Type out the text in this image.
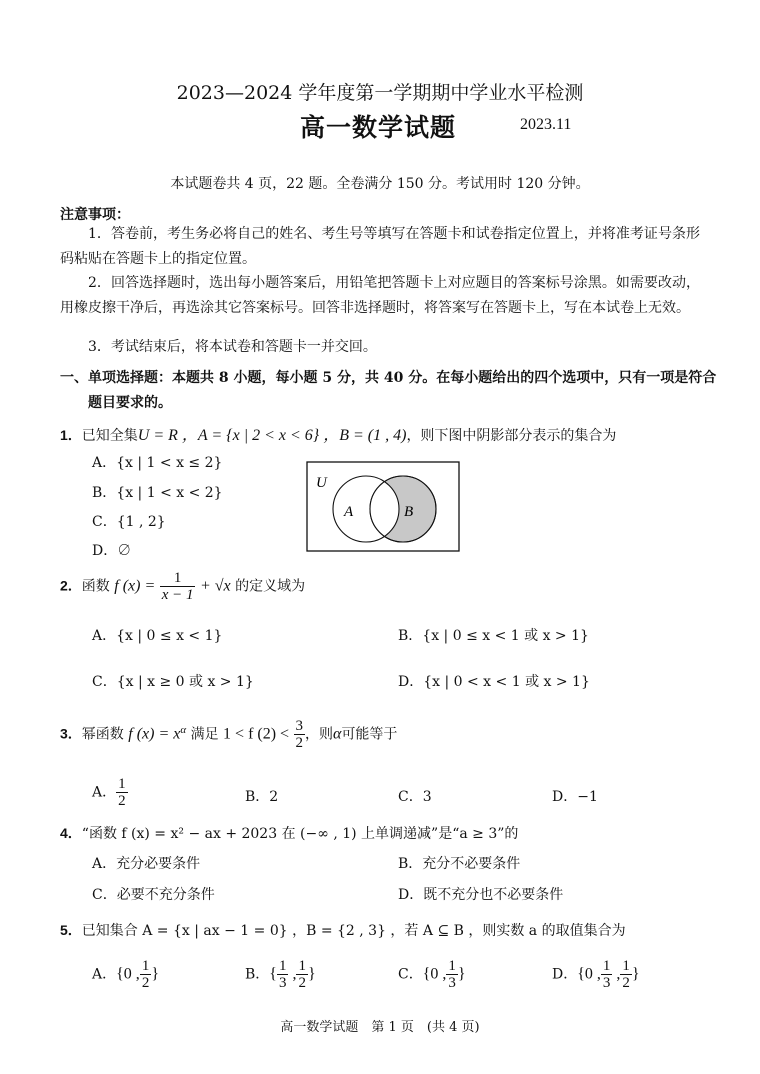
2023—2024 学年度第一学期期中学业水平检测
高一数学试题	2023.11
本试题卷共 4 页，22 题。全卷满分 150 分。考试用时 120 分钟。
注意事项：
1．答卷前，考生务必将自己的姓名、考生号等填写在答题卡和试卷指定位置上，并将准考证号条形码粘贴在答题卡上的指定位置。
2．回答选择题时，选出每小题答案后，用铅笔把答题卡上对应题目的答案标号涂黑。如需要改动，用橡皮擦干净后，再选涂其它答案标号。回答非选择题时，将答案写在答题卡上，写在本试卷上无效。
3．考试结束后，将本试卷和答题卡一并交回。
一、单项选择题：本题共 8 小题，每小题 5 分，共 40 分。在每小题给出的四个选项中，只有一项是符合题目要求的。
1．已知全集U = R ，A = {x | 2 < x < 6} ，B = (1 , 4)，则下图中阴影部分表示的集合为
A．{x | 1 < x ≤ 2}
B．{x | 1 < x < 2}
C．{1 , 2}
D．∅
U
A	B
2．函数 f $(x) = \frac{1}{x - 1} + √x$ 的定义域为
A．{x | 0 ≤ x < 1}	B．{x | 0 ≤ x < 1 或 x > 1}
C．{x | x ≥ 0 或 x > 1}	D．{x | 0 < x < 1 或 x > 1}
3．幂函数 f $(x) = x^\alpha$ 满足 1 < f $(2) < \frac{3}{2}$ ，则α可能等于
A． $\frac{1}{2}$	B．2	C．3	D．−1
4．“函数 f (x) = x² − ax + 2023 在 (−∞ , 1) 上单调递减”是“a ≥ 3”的
A．充分必要条件	B．充分不必要条件
C．必要不充分条件	D．既不充分也不必要条件
5．已知集合 A = {x | ax − 1 = 0} ，B = {2 , 3} ，若 A ⊆ B ，则实数 a 的取值集合为
A．{0 , $\frac{1}{2}$ }	B．{ $\frac{1}{3}$ , $\frac{1}{2}$ }	C．{0 , $\frac{1}{3}$ }	D．{0 , $\frac{1}{3}$ , $\frac{1}{2}$ }
高一数学试题　第 1 页　(共 4 页)
